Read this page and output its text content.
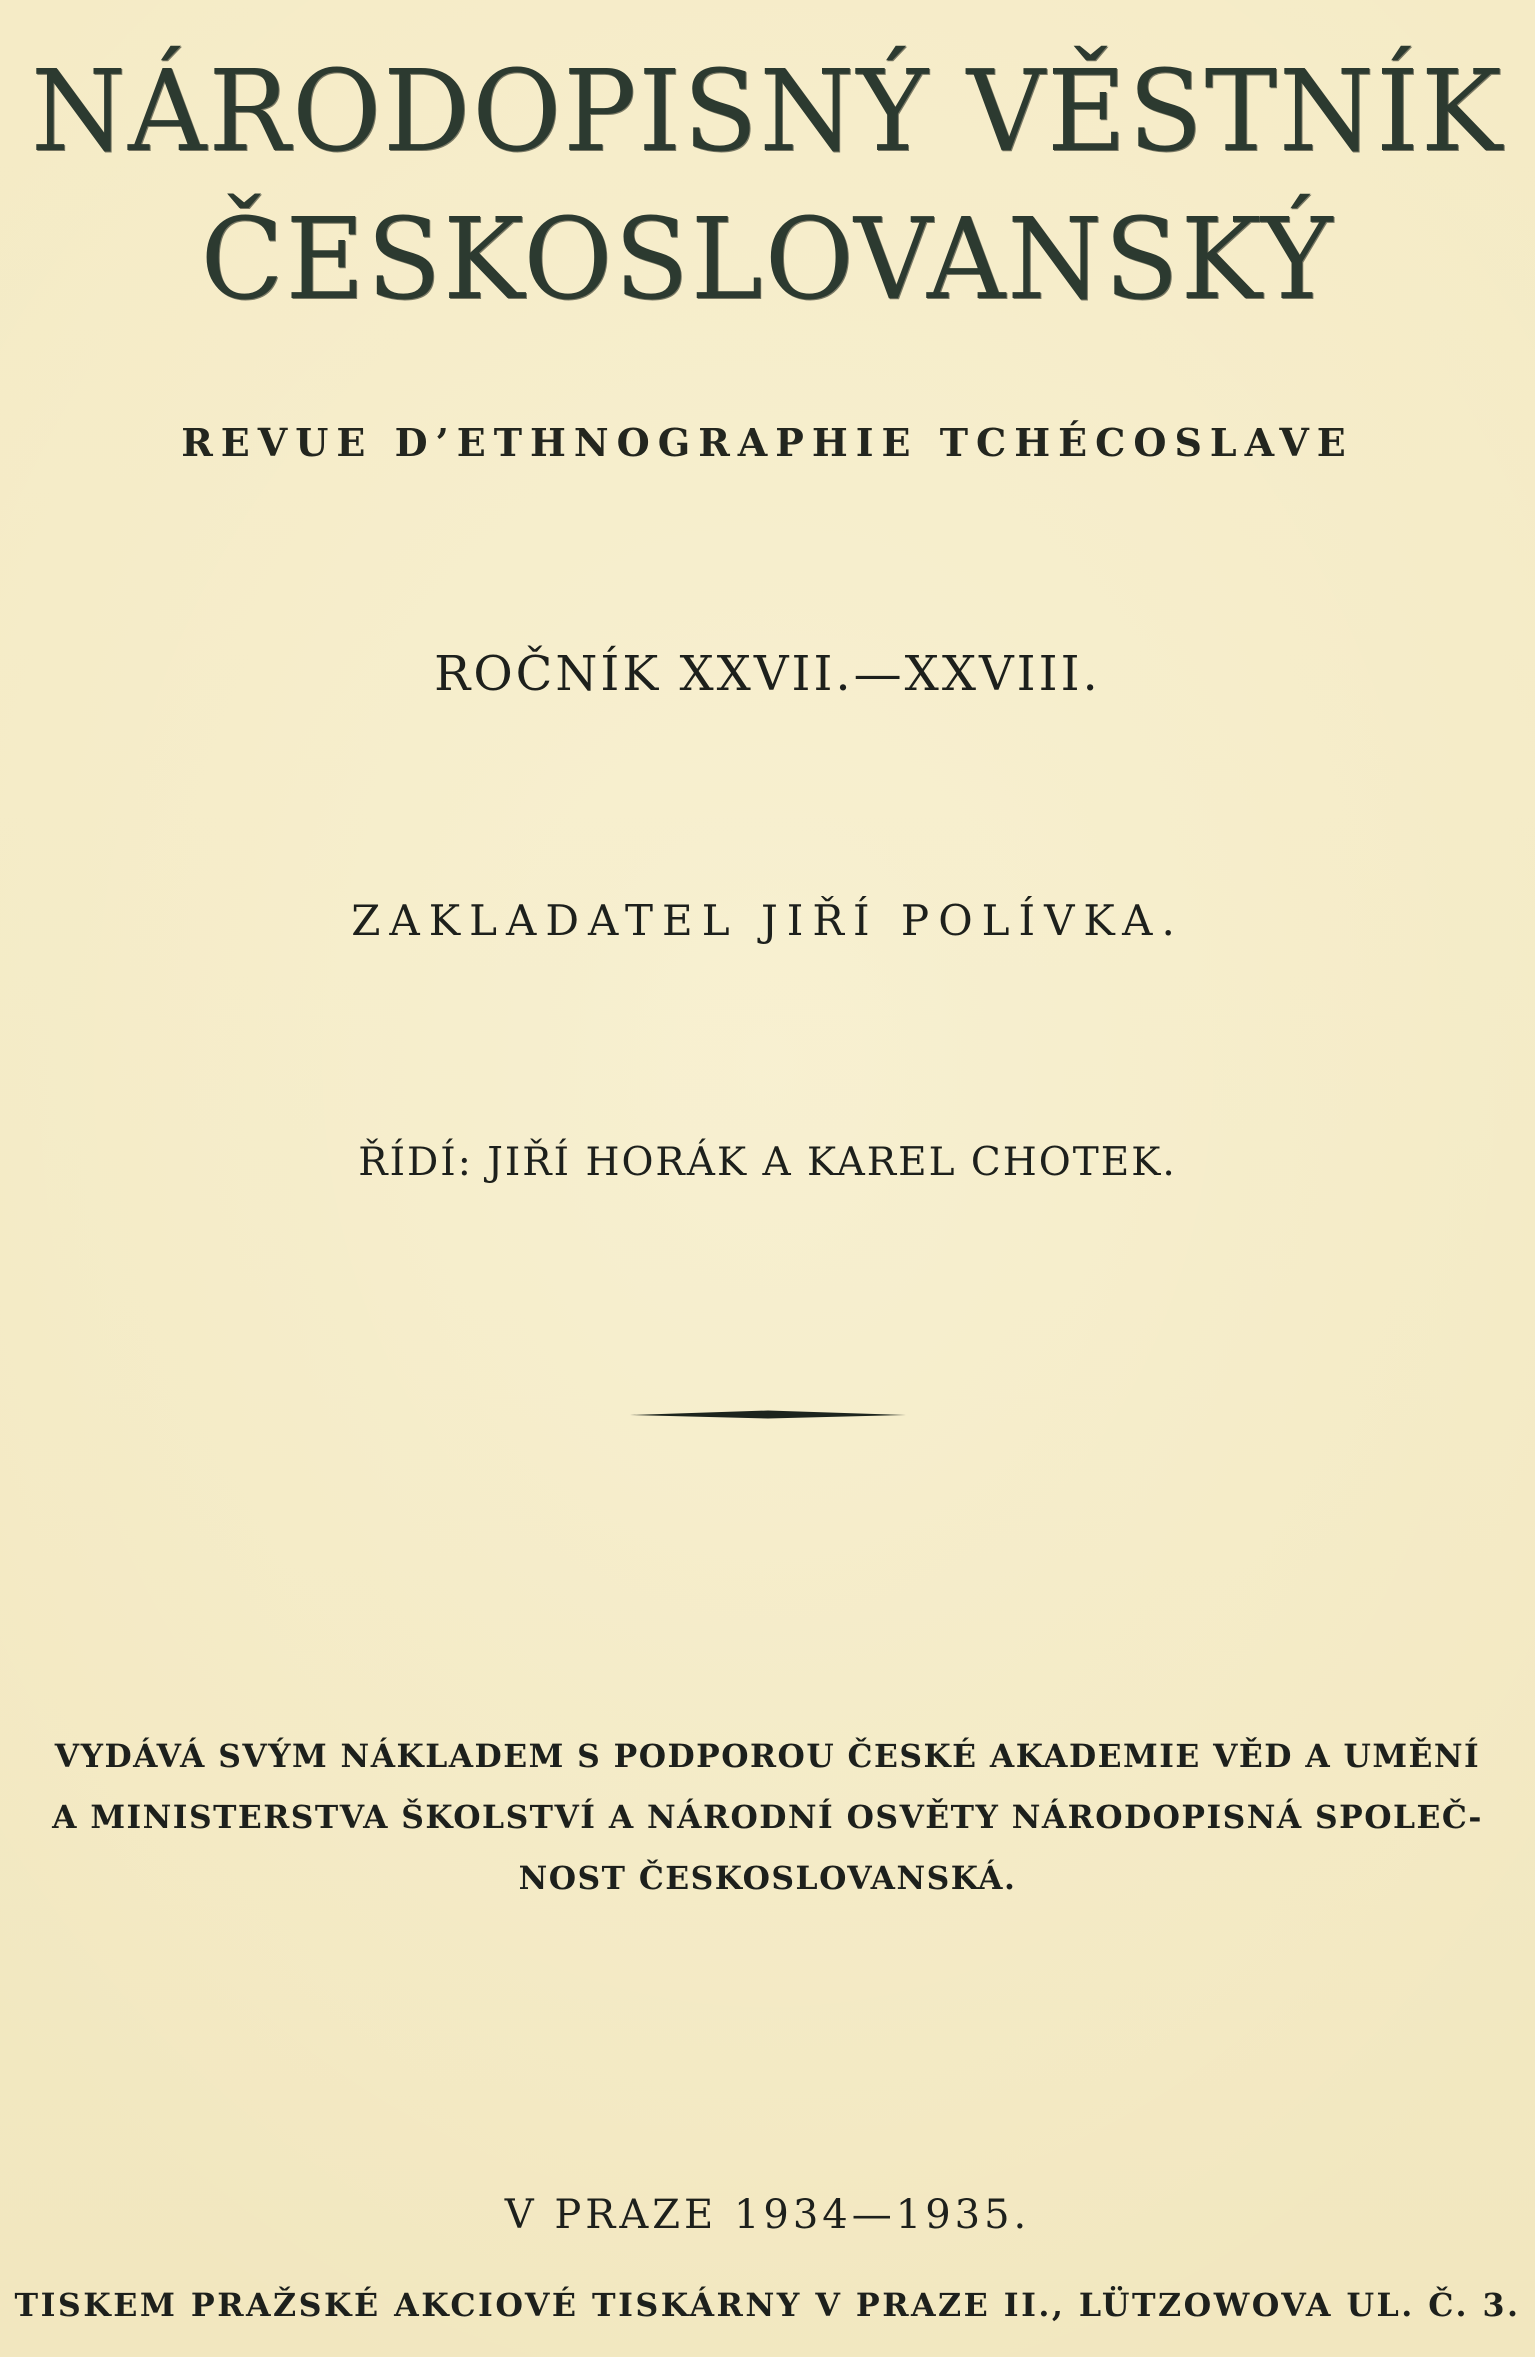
NÁRODOPISNÝ VĚSTNÍK
ČESKOSLOVANSKÝ
REVUE D’ETHNOGRAPHIE TCHÉCOSLAVE
ROČNÍK XXVII.—XXVIII.
ZAKLADATEL JIŘÍ POLÍVKA.
ŘÍDÍ: JIŘÍ HORÁK A KAREL CHOTEK.
VYDÁVÁ SVÝM NÁKLADEM S PODPOROU ČESKÉ AKADEMIE VĚD A UMĚNÍ
A MINISTERSTVA ŠKOLSTVÍ A NÁRODNÍ OSVĚTY NÁRODOPISNÁ SPOLEČ-
NOST ČESKOSLOVANSKÁ.
V PRAZE 1934—1935.
TISKEM PRAŽSKÉ AKCIOVÉ TISKÁRNY V PRAZE II., LÜTZOWOVA UL. Č. 3.
